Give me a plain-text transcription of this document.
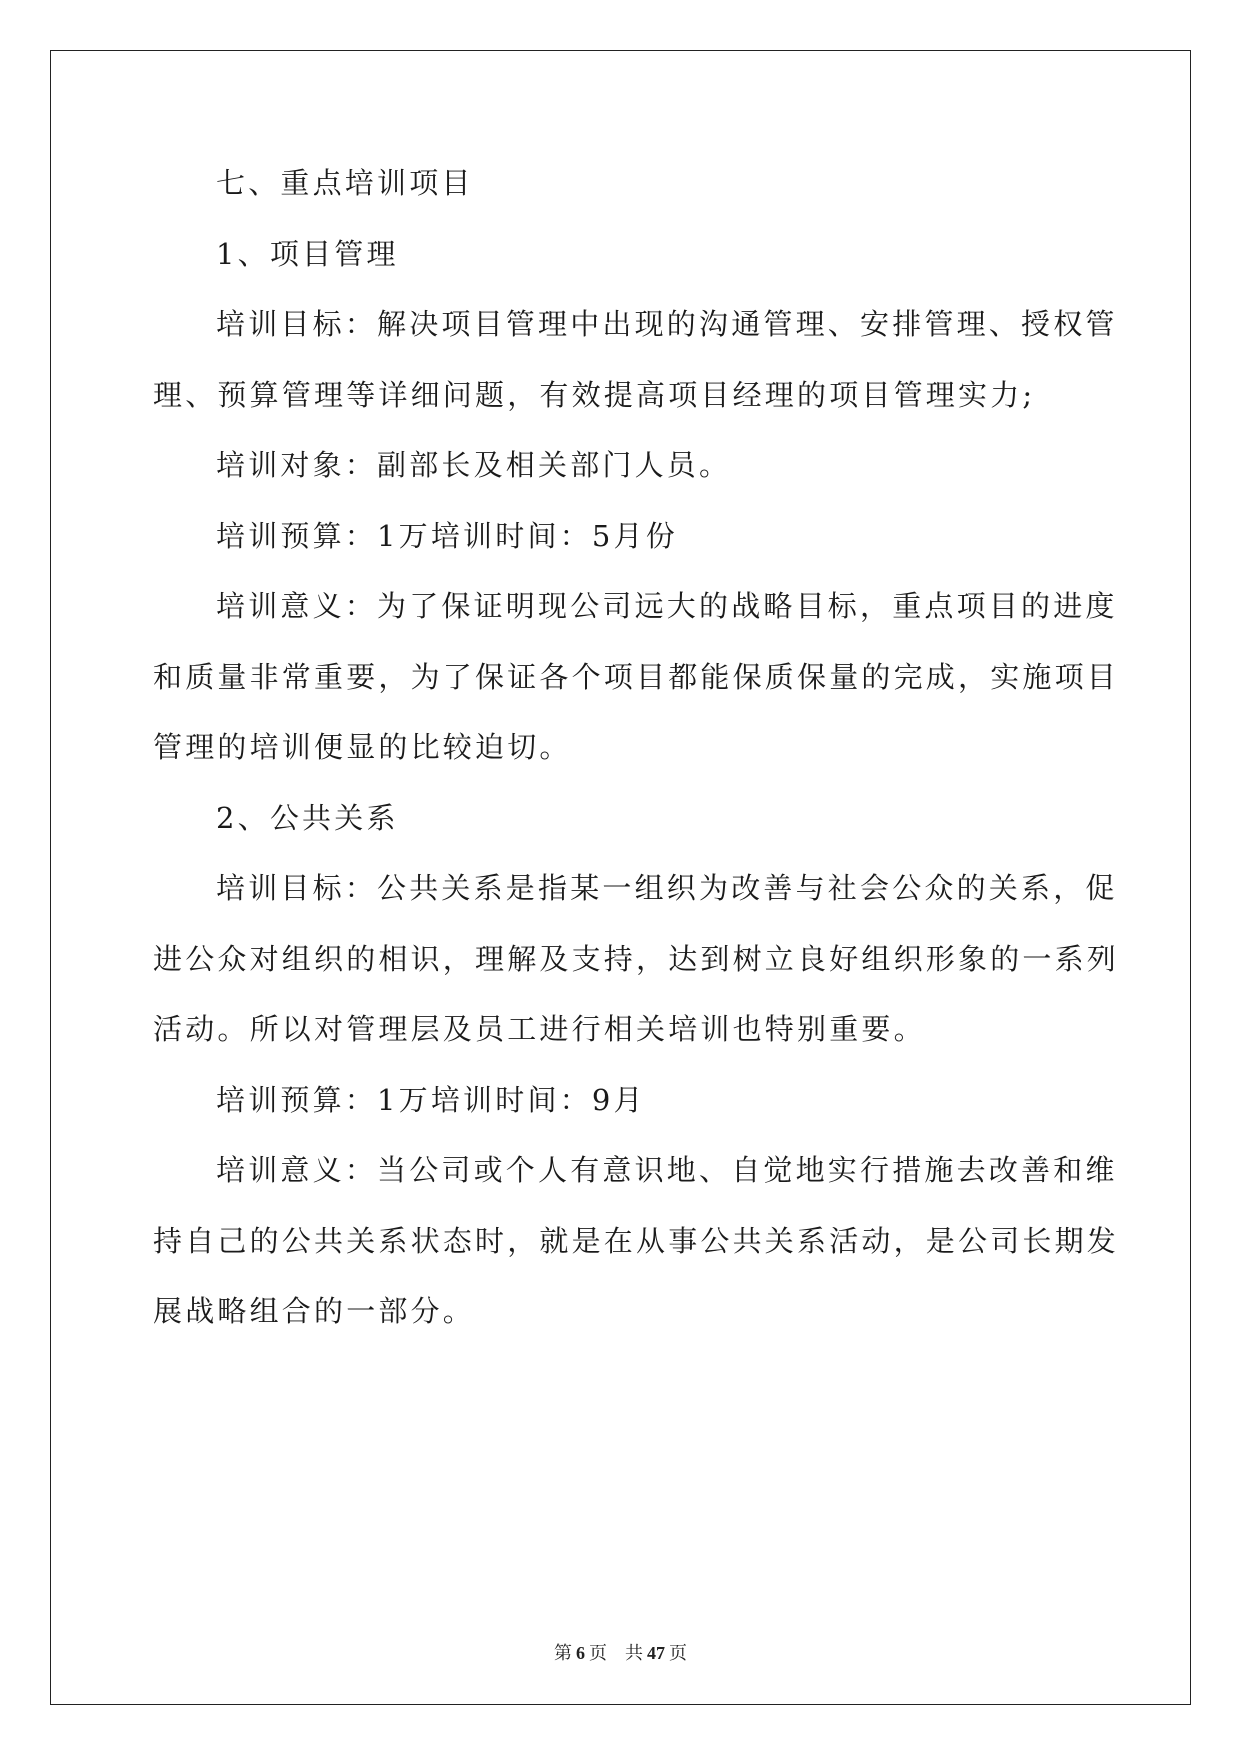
七、重点培训项目
1、项目管理
培训目标：解决项目管理中出现的沟通管理、安排管理、授权管
理、预算管理等详细问题，有效提高项目经理的项目管理实力;
培训对象：副部长及相关部门人员。
培训预算：1万培训时间：5月份
培训意义：为了保证明现公司远大的战略目标，重点项目的进度
和质量非常重要，为了保证各个项目都能保质保量的完成，实施项目
管理的培训便显的比较迫切。
2、公共关系
培训目标：公共关系是指某一组织为改善与社会公众的关系，促
进公众对组织的相识，理解及支持，达到树立良好组织形象的一系列
活动。所以对管理层及员工进行相关培训也特别重要。
培训预算：1万培训时间：9月
培训意义：当公司或个人有意识地、自觉地实行措施去改善和维
持自己的公共关系状态时，就是在从事公共关系活动，是公司长期发
展战略组合的一部分。
第 6 页 共 47 页
